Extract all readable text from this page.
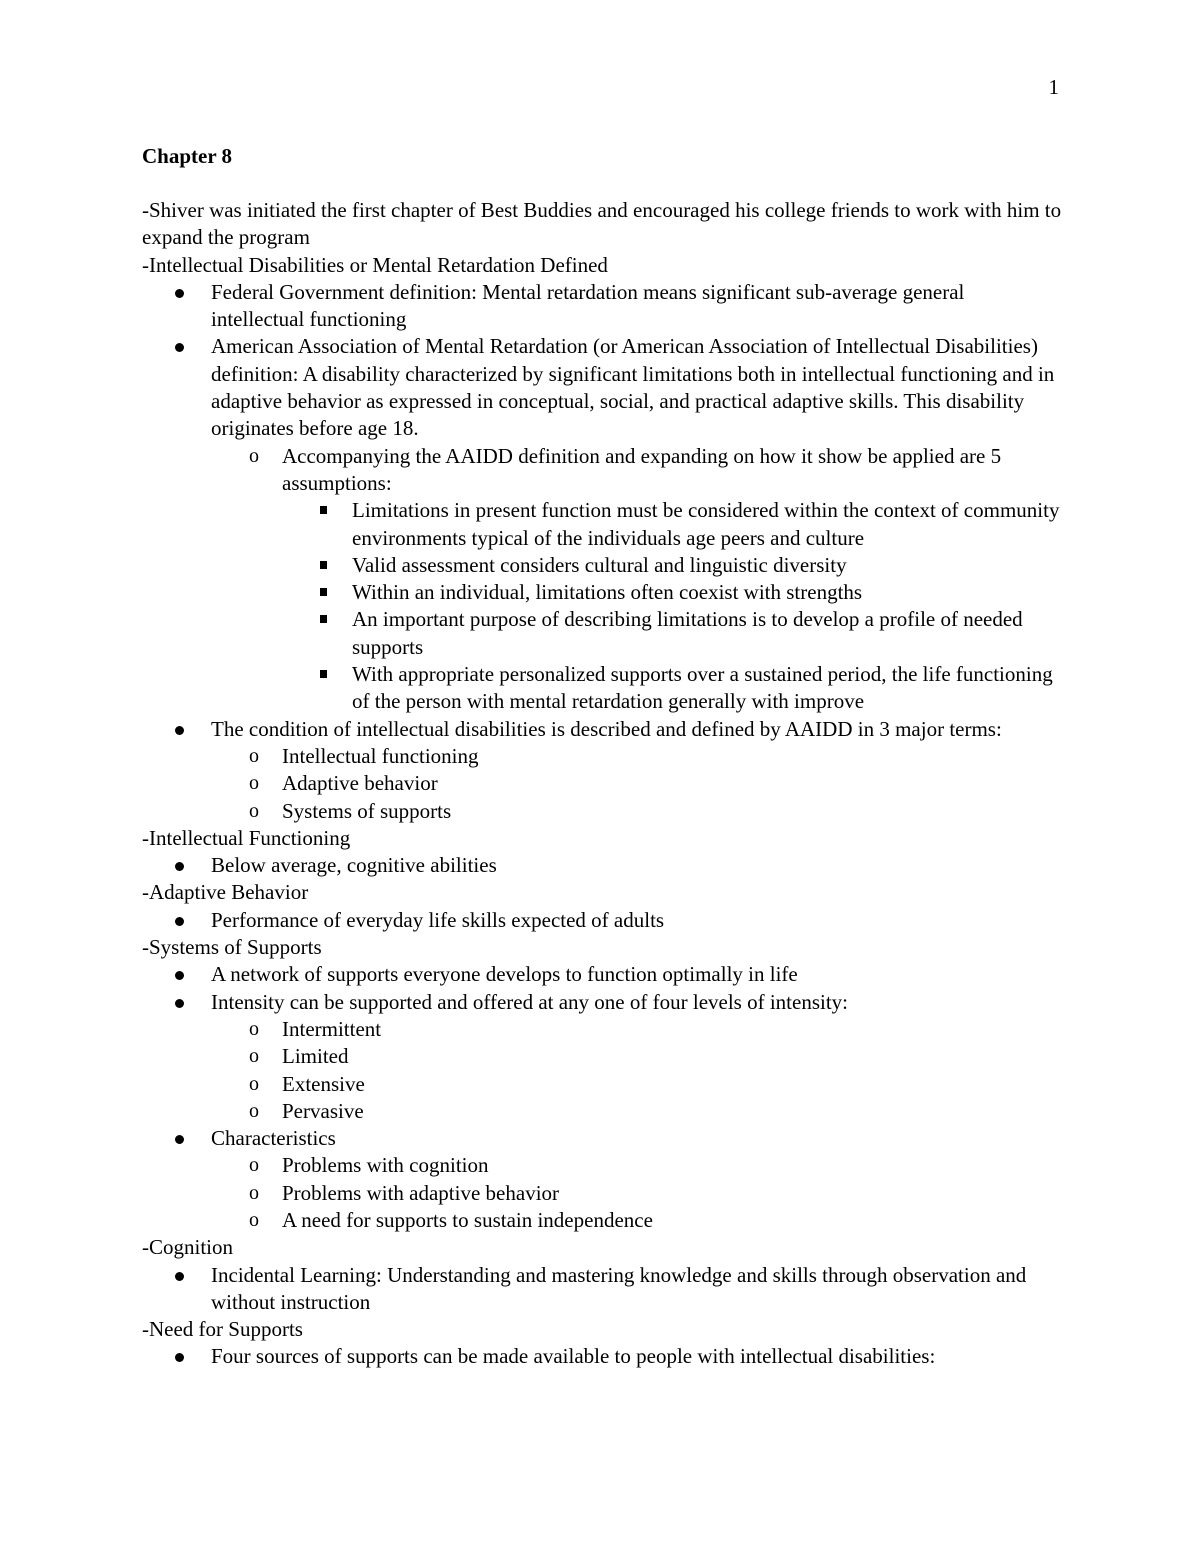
1
Chapter 8

-Shiver was initiated the first chapter of Best Buddies and encouraged his college friends to work with him to expand the program

-Intellectual Disabilities or Mental Retardation Defined

Federal Government definition: Mental retardation means significant sub-average general intellectual functioning
American Association of Mental Retardation (or American Association of Intellectual Disabilities) definition: A disability characterized by significant limitations both in intellectual functioning and in adaptive behavior as expressed in conceptual, social, and practical adaptive skills. This disability originates before age 18.
o Accompanying the AAIDD definition and expanding on how it show be applied are 5 assumptions:
Limitations in present function must be considered within the context of community environments typical of the individuals age peers and culture
Valid assessment considers cultural and linguistic diversity
Within an individual, limitations often coexist with strengths
An important purpose of describing limitations is to develop a profile of needed supports
With appropriate personalized supports over a sustained period, the life functioning of the person with mental retardation generally with improve
The condition of intellectual disabilities is described and defined by AAIDD in 3 major terms:
o Intellectual functioning
o Adaptive behavior
o Systems of supports

-Intellectual Functioning

Below average, cognitive abilities

-Adaptive Behavior

Performance of everyday life skills expected of adults

-Systems of Supports

A network of supports everyone develops to function optimally in life
Intensity can be supported and offered at any one of four levels of intensity:
o Intermittent
o Limited
o Extensive
o Pervasive
Characteristics
o Problems with cognition
o Problems with adaptive behavior
o A need for supports to sustain independence

-Cognition

Incidental Learning: Understanding and mastering knowledge and skills through observation and without instruction

-Need for Supports

Four sources of supports can be made available to people with intellectual disabilities:
